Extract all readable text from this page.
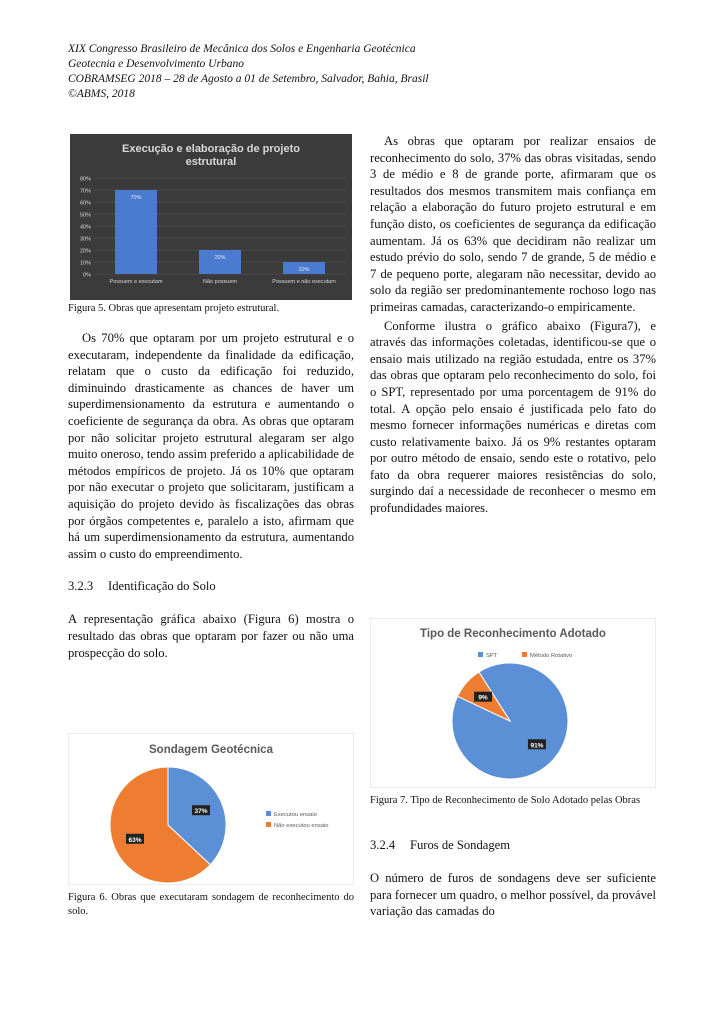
XIX Congresso Brasileiro de Mecânica dos Solos e Engenharia Geotécnica
Geotecnia e Desenvolvimento Urbano
COBRAMSEG 2018 – 28 de Agosto a 01 de Setembro, Salvador, Bahia, Brasil
©ABMS, 2018
Execução e elaboração de projeto
estrutural
0%
10%
20%
30%
40%
50%
60%
70%
80%
70%
Possuem e executam
20%
Não possuem
10%
Possuem e não executam

Figura 5. Obras que apresentam projeto estrutural.

Os 70% que optaram por um projeto estrutural e o executaram, independente da finalidade da edificação, relatam que o custo da edificação foi reduzido, diminuindo drasticamente as chances de haver um superdimensionamento da estrutura e aumentando o coeficiente de segurança da obra. As obras que optaram por não solicitar projeto estrutural alegaram ser algo muito oneroso, tendo assim preferido a aplicabilidade de métodos empíricos de projeto. Já os 10% que optaram por não executar o projeto que solicitaram, justificam a aquisição do projeto devido às fiscalizações das obras por órgãos competentes e, paralelo a isto, afirmam que há um superdimensionamento da estrutura, aumentando assim o custo do empreendimento.

3.2.3 Identificação do Solo

A representação gráfica abaixo (Figura 6) mostra o resultado das obras que optaram por fazer ou não uma prospecção do solo.

Sondagem Geotécnica
37%
63%
Executou ensaio
Não executou ensaio

Figura 6. Obras que executaram sondagem de reconhecimento do solo.

As obras que optaram por realizar ensaios de reconhecimento do solo, 37% das obras visitadas, sendo 3 de médio e 8 de grande porte, afirmaram que os resultados dos mesmos transmitem mais confiança em relação a elaboração do futuro projeto estrutural e em função disto, os coeficientes de segurança da edificação aumentam. Já os 63% que decidiram não realizar um estudo prévio do solo, sendo 7 de grande, 5 de médio e 7 de pequeno porte, alegaram não necessitar, devido ao solo da região ser predominantemente rochoso logo nas primeiras camadas, caracterizando-o empiricamente.

Conforme ilustra o gráfico abaixo (Figura7), e através das informações coletadas, identificou-se que o ensaio mais utilizado na região estudada, entre os 37% das obras que optaram pelo reconhecimento do solo, foi o SPT, representado por uma porcentagem de 91% do total. A opção pelo ensaio é justificada pelo fato do mesmo fornecer informações numéricas e diretas com custo relativamente baixo. Já os 9% restantes optaram por outro método de ensaio, sendo este o rotativo, pelo fato da obra requerer maiores resistências do solo, surgindo daí a necessidade de reconhecer o mesmo em profundidades maiores.

Tipo de Reconhecimento Adotado
SPT	Método Rotativo
91%
9%

Figura 7. Tipo de Reconhecimento de Solo Adotado pelas Obras

3.2.4 Furos de Sondagem

O número de furos de sondagens deve ser suficiente para fornecer um quadro, o melhor possível, da provável variação das camadas do
